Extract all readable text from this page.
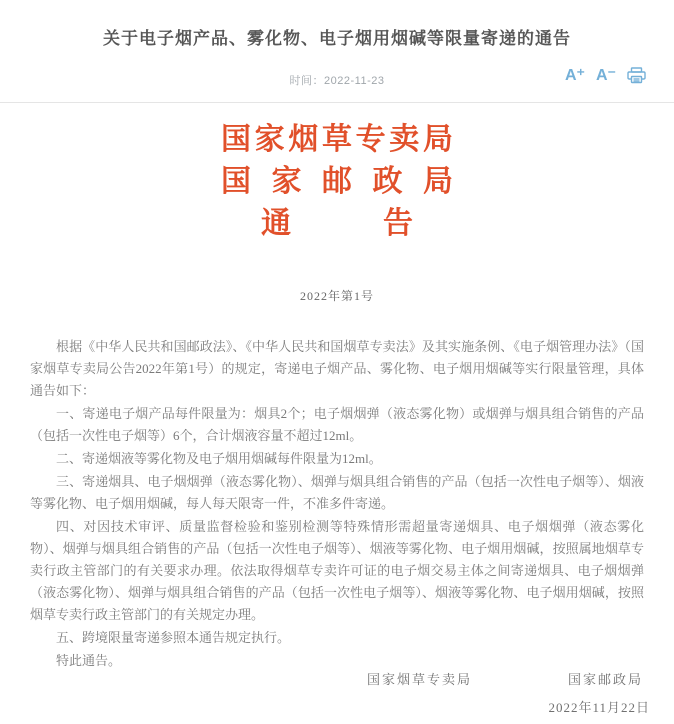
关于电子烟产品、雾化物、电子烟用烟碱等限量寄递的通告
时间：2022-11-23	A⁺ A⁻
国 家 烟 草 专 卖 局
国 家 邮 政 局
通	告
2022年第1号

根据《中华人民共和国邮政法》、《中华人民共和国烟草专卖法》及其实施条例、《电子烟管理办法》（国家烟草专卖局公告2022年第1号）的规定，寄递电子烟产品、雾化物、电子烟用烟碱等实行限量管理，具体通告如下：

一、寄递电子烟产品每件限量为：烟具2个；电子烟烟弹（液态雾化物）或烟弹与烟具组合销售的产品（包括一次性电子烟等）6个，合计烟液容量不超过12ml。

二、寄递烟液等雾化物及电子烟用烟碱每件限量为12ml。

三、寄递烟具、电子烟烟弹（液态雾化物）、烟弹与烟具组合销售的产品（包括一次性电子烟等）、烟液等雾化物、电子烟用烟碱，每人每天限寄一件，不准多件寄递。

四、对因技术审评、质量监督检验和鉴别检测等特殊情形需超量寄递烟具、电子烟烟弹（液态雾化物）、烟弹与烟具组合销售的产品（包括一次性电子烟等）、烟液等雾化物、电子烟用烟碱，按照属地烟草专卖行政主管部门的有关要求办理。依法取得烟草专卖许可证的电子烟交易主体之间寄递烟具、电子烟烟弹（液态雾化物）、烟弹与烟具组合销售的产品（包括一次性电子烟等）、烟液等雾化物、电子烟用烟碱，按照烟草专卖行政主管部门的有关规定办理。

五、跨境限量寄递参照本通告规定执行。

特此通告。

国家烟草专卖局	国家邮政局
2022年11月22日
